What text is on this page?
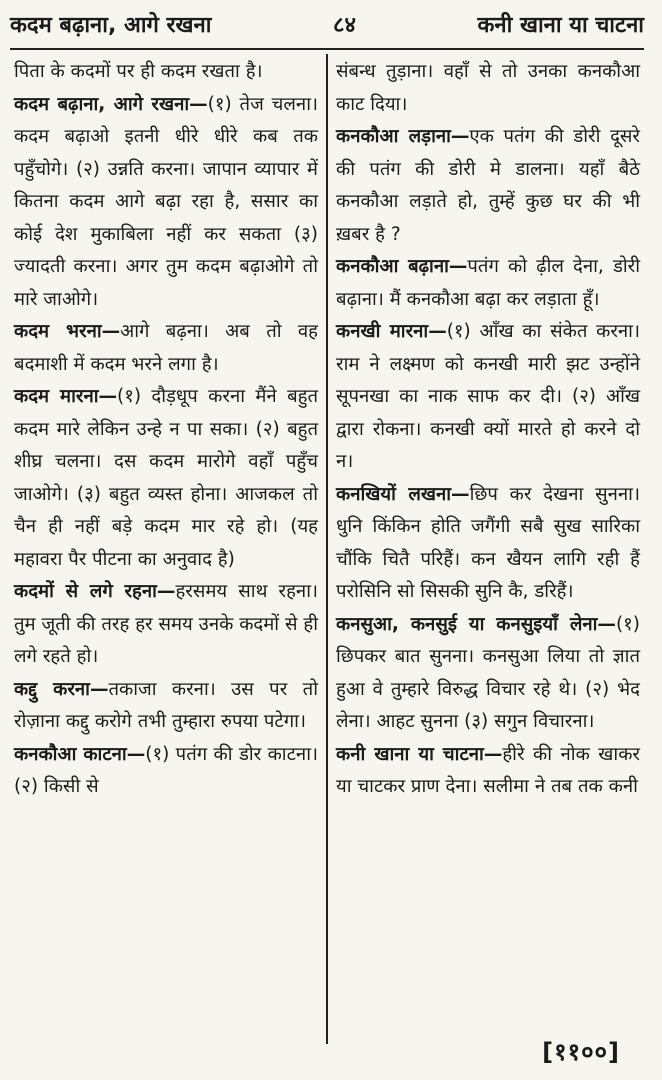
कदम बढ़ाना, आगे रखना	८४	कनी खाना या चाटना

पिता के कदमों पर ही कदम रखता है।

कदम बढ़ाना, आगे रखना—(१) तेज चलना। कदम बढ़ाओ इतनी धीरे धीरे कब तक पहुँचोगे। (२) उन्नति करना। जापान व्यापार में कितना कदम आगे बढ़ा रहा है, ससार का कोई देश मुकाबिला नहीं कर सकता (३) ज्यादती करना। अगर तुम कदम बढ़ाओगे तो मारे जाओगे।

कदम भरना—आगे बढ़ना। अब तो वह बदमाशी में कदम भरने लगा है।

कदम मारना—(१) दौड़धूप करना मैंने बहुत कदम मारे लेकिन उन्हे न पा सका। (२) बहुत शीघ्र चलना। दस कदम मारोगे वहाँ पहुँच जाओगे। (३) बहुत व्यस्त होना। आजकल तो चैन ही नहीं बड़े कदम मार रहे हो। (यह महावरा पैर पीटना का अनुवाद है)

कदमों से लगे रहना—हरसमय साथ रहना। तुम जूती की तरह हर समय उनके कदमों से ही लगे रहते हो।

कद्दु करना—तकाजा करना। उस पर तो रोज़ाना कद्दु करोगे तभी तुम्हारा रुपया पटेगा।

कनकौआ काटना—(१) पतंग की डोर काटना। (२) किसी से

संबन्ध तुड़ाना। वहाँ से तो उनका कनकौआ काट दिया।

कनकौआ लड़ाना—एक पतंग की डोरी दूसरे की पतंग की डोरी मे डालना। यहाँ बैठे कनकौआ लड़ाते हो, तुम्हें कुछ घर की भी ख़बर है ?

कनकौआ बढ़ाना—पतंग को ढ़ील देना, डोरी बढ़ाना। मैं कनकौआ बढ़ा कर लड़ाता हूँ।

कनखी मारना—(१) आँख का संकेत करना। राम ने लक्ष्मण को कनखी मारी झट उन्होंने सूपनखा का नाक साफ कर दी। (२) आँख द्वारा रोकना। कनखी क्यों मारते हो करने दो न।

कनखियों लखना—छिप कर देखना सुनना। धुनि किंकिन होति जगैंगी सबै सुख सारिका चौंकि चितै परिहैं। कन खैयन लागि रही हैं परोसिनि सो सिसकी सुनि कै, डरिहैं।

कनसुआ, कनसुई या कनसुइयाँ लेना—(१) छिपकर बात सुनना। कनसुआ लिया तो ज्ञात हुआ वे तुम्हारे विरुद्ध विचार रहे थे। (२) भेद लेना। आहट सुनना (३) सगुन विचारना।

कनी खाना या चाटना—हीरे की नोक खाकर या चाटकर प्राण देना। सलीमा ने तब तक कनी

[११००]
